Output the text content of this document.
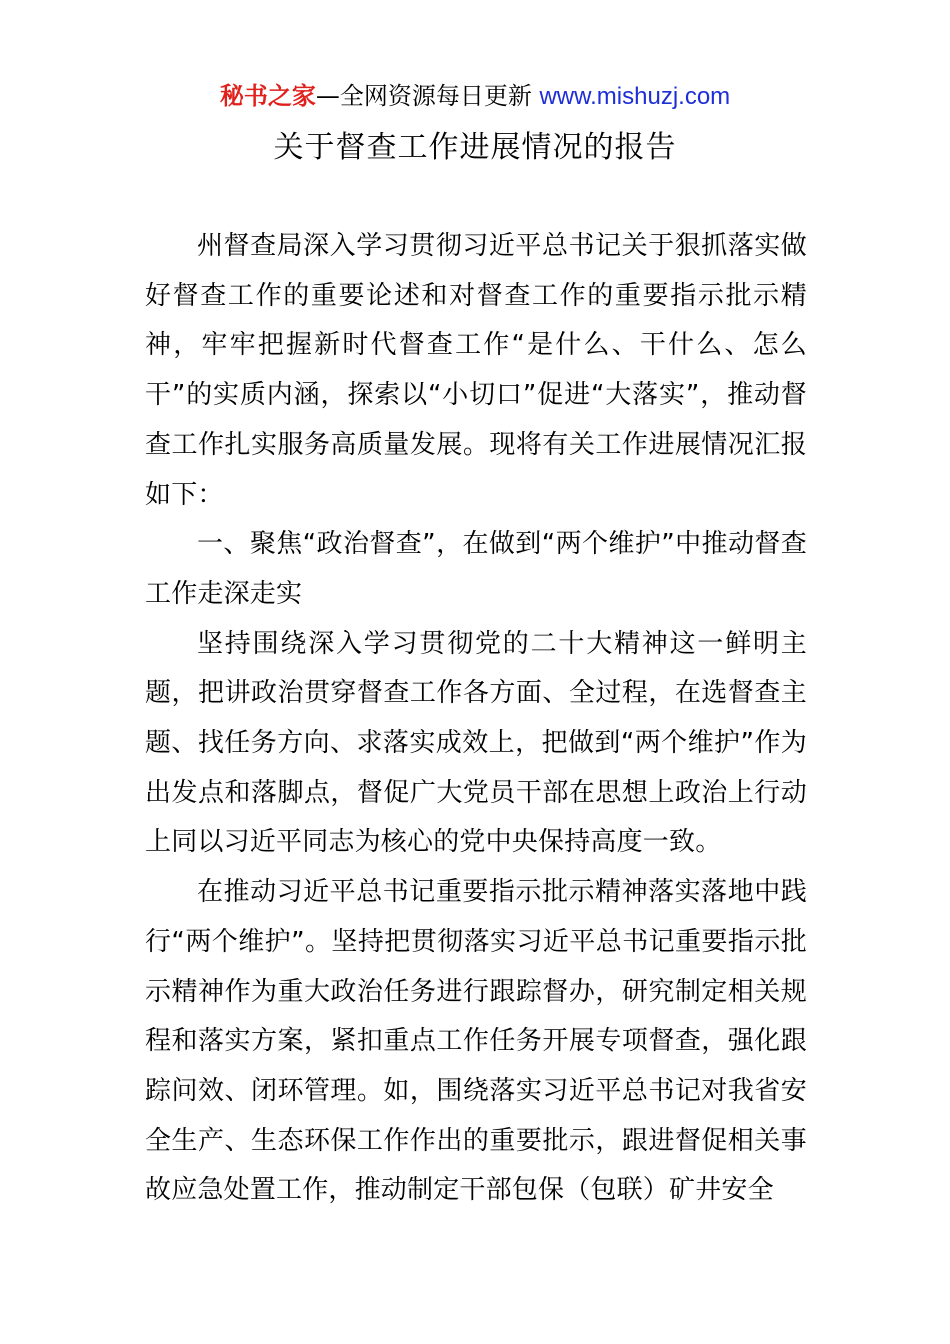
秘书之家—全网资源每日更新 www.mishuzj.com
关于督查工作进展情况的报告

州督查局深入学习贯彻习近平总书记关于狠抓落实做好督查工作的重要论述和对督查工作的重要指示批示精神，牢牢把握新时代督查工作“是什么、干什么、怎么干”的实质内涵，探索以“小切口”促进“大落实”，推动督查工作扎实服务高质量发展。现将有关工作进展情况汇报如下：

一、聚焦“政治督查”，在做到“两个维护”中推动督查工作走深走实

坚持围绕深入学习贯彻党的二十大精神这一鲜明主题，把讲政治贯穿督查工作各方面、全过程，在选督查主题、找任务方向、求落实成效上，把做到“两个维护”作为出发点和落脚点，督促广大党员干部在思想上政治上行动上同以习近平同志为核心的党中央保持高度一致。

在推动习近平总书记重要指示批示精神落实落地中践行“两个维护”。坚持把贯彻落实习近平总书记重要指示批示精神作为重大政治任务进行跟踪督办，研究制定相关规程和落实方案，紧扣重点工作任务开展专项督查，强化跟踪问效、闭环管理。如，围绕落实习近平总书记对我省安全生产、生态环保工作作出的重要批示，跟进督促相关事故应急处置工作，推动制定干部包保（包联）矿井安全
